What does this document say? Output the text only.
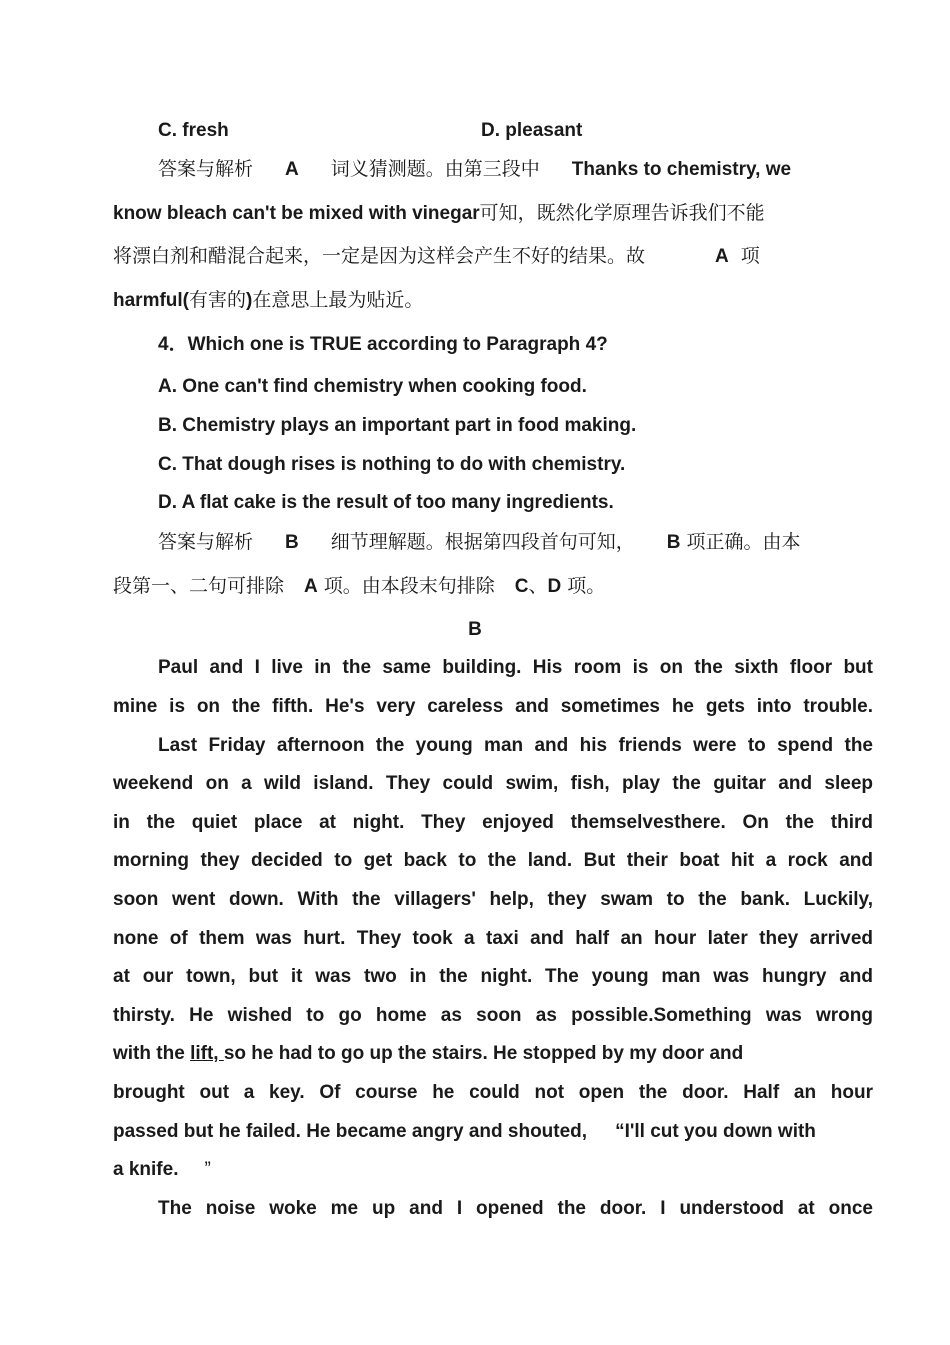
C. fresh	D. pleasant
答案与解析 A 词义猜测题。由第三段中 Thanks to chemistry, we
know bleach can't be mixed with vinegar可知，既然化学原理告诉我们不能
将漂白剂和醋混合起来，一定是因为这样会产生不好的结果。故	A 项
harmful(有害的)在意思上最为贴近。
4．Which one is TRUE according to Paragraph 4?
A. One can't find chemistry when cooking food.
B. Chemistry plays an important part in food making.
C. That dough rises is nothing to do with chemistry.
D. A flat cake is the result of too many ingredients.
答案与解析 B 细节理解题。根据第四段首句可知， B 项正确。由本
段第一、二句可排除 A 项。由本段末句排除 C、D 项。
B
Paul and I live in the same building. His room is on the sixth floor but
mine is on the fifth. He's very careless and sometimes he gets into trouble.
Last Friday afternoon the young man and his friends were to spend the
weekend on a wild island. They could swim, fish, play the guitar and sleep
in the quiet place at night. They enjoyed themselvesthere. On the third
morning they decided to get back to the land. But their boat hit a rock and
soon went down. With the villagers' help, they swam to the bank. Luckily,
none of them was hurt. They took a taxi and half an hour later they arrived
at our town, but it was two in the night. The young man was hungry and
thirsty. He wished to go home as soon as possible.Something was wrong
with the lift, so he had to go up the stairs. He stopped by my door and
brought out a key. Of course he could not open the door. Half an hour
passed but he failed. He became angry and shouted, “I'll cut you down with
a knife. ”
The noise woke me up and I opened the door. I understood at once
